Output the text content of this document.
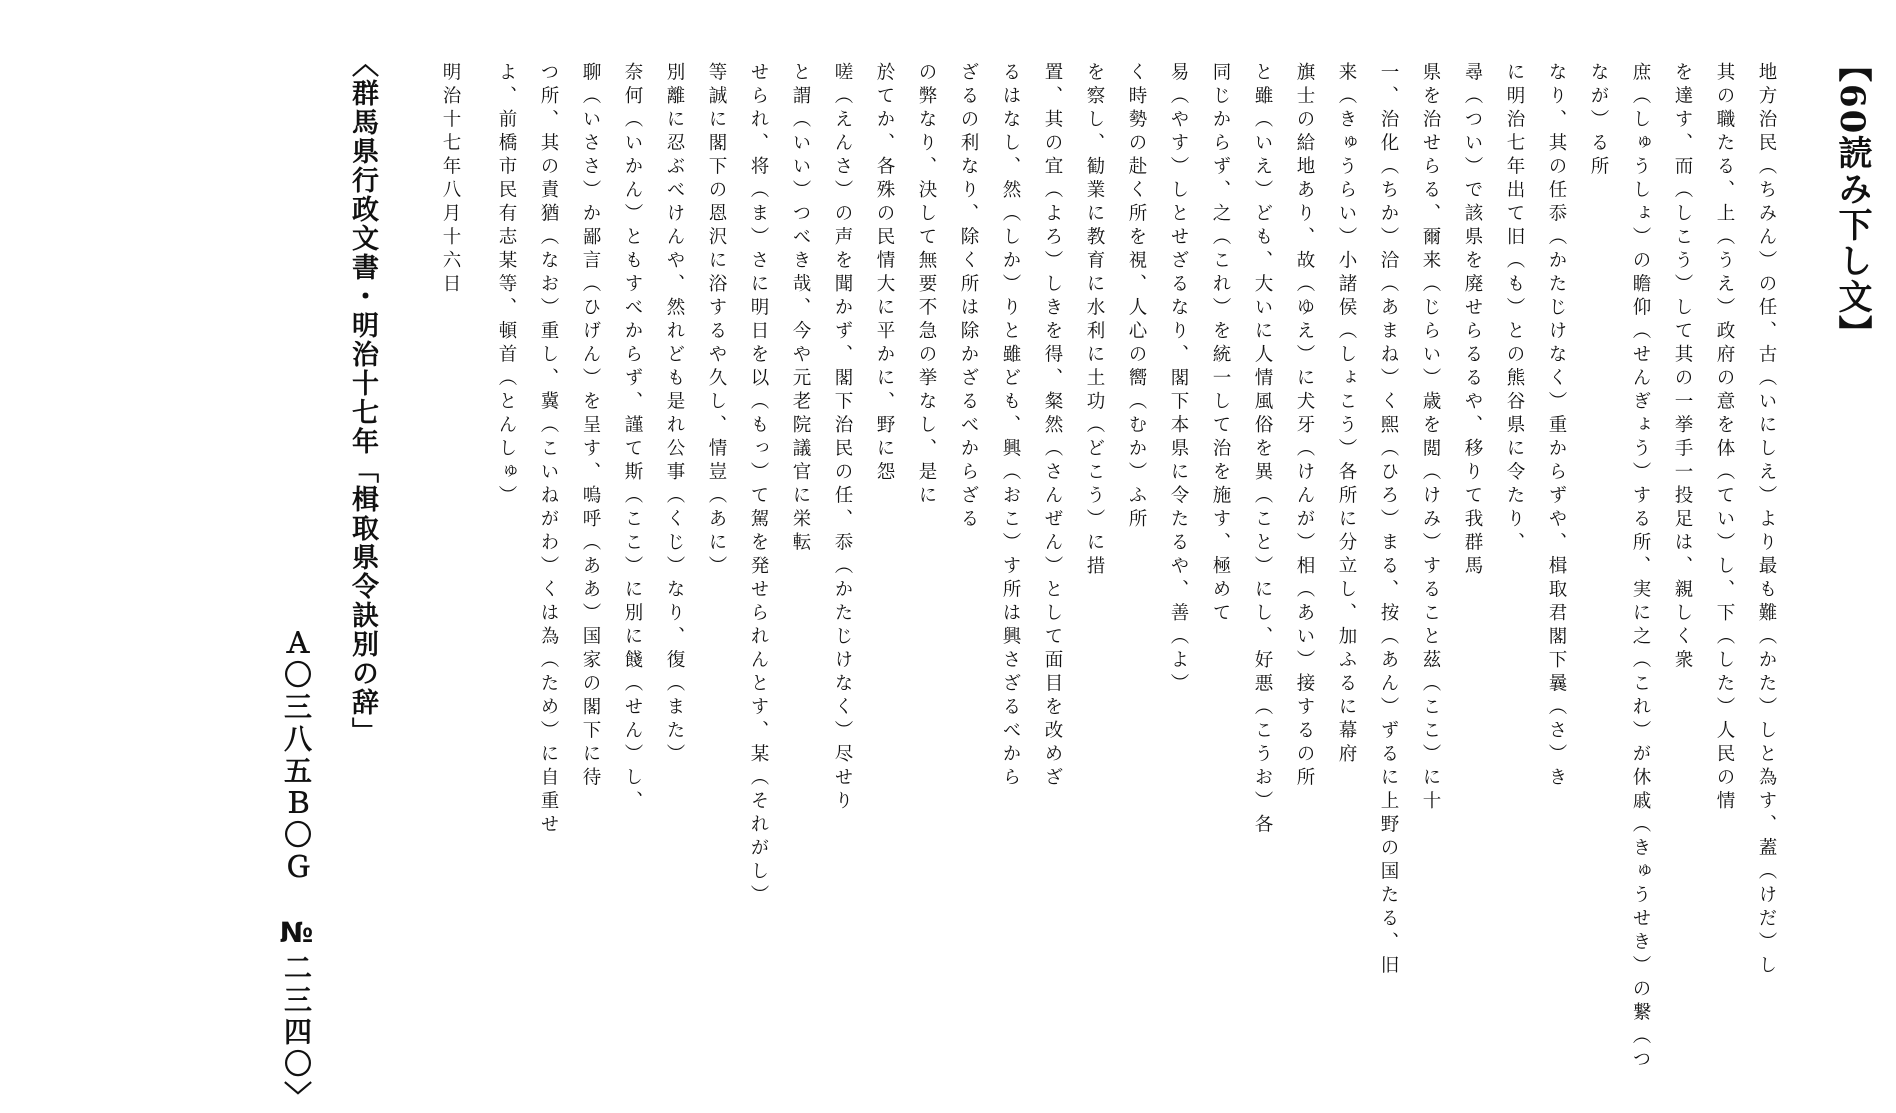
【60読み下し文】
地方治民（ちみん）の任、古（いにしえ）より最も難（かた）しと為す、蓋（けだ）し
其の職たる、上（うえ）政府の意を体（てい）し、下（した）人民の情
を達す、而（しこう）して其の一挙手一投足は、親しく衆
庶（しゅうしょ）の瞻仰（せんぎょう）する所、実に之（これ）が休戚（きゅうせき）の繋（つ
なが）る所
なり、其の任忝（かたじけなく）重からずや、楫取君閣下曩（さ）き
に明治七年出て旧（も）との熊谷県に令たり、
尋（つい）で該県を廃せらるるや、移りて我群馬
県を治せらる、爾来（じらい）歳を閲（けみ）すること茲（ここ）に十
一、治化（ちか）洽（あまね）く煕（ひろ）まる、按（あん）ずるに上野の国たる、旧
来（きゅうらい）小諸侯（しょこう）各所に分立し、加ふるに幕府
旗士の給地あり、故（ゆえ）に犬牙（けんが）相（あい）接するの所
と雖（いえ）ども、大いに人情風俗を異（こと）にし、好悪（こうお）各
同じからず、之（これ）を統一して治を施す、極めて
易（やす）しとせざるなり、閣下本県に令たるや、善（よ）
く時勢の赴く所を視、人心の嚮（むか）ふ所
を察し、勧業に教育に水利に土功（どこう）に措
置、其の宜（よろ）しきを得、粲然（さんぜん）として面目を改めざ
るはなし、然（しか）りと雖ども、興（おこ）す所は興さざるべから
ざるの利なり、除く所は除かざるべからざる
の弊なり、決して無要不急の挙なし、是に
於てか、各殊の民情大に平かに、野に怨
嗟（えんさ）の声を聞かず、閣下治民の任、忝（かたじけなく）尽せり
と謂（いい）つべき哉、今や元老院議官に栄転
せられ、将（ま）さに明日を以（もっ）て駕を発せられんとす、某（それがし）
等誠に閣下の恩沢に浴するや久し、情豈（あに）
別離に忍ぶべけんや、然れども是れ公事（くじ）なり、復（また）
奈何（いかん）ともすべからず、謹て斯（ここ）に別に餞（せん）し、
聊（いささ）か鄙言（ひげん）を呈す、嗚呼（ああ）国家の閣下に待
つ所、其の責猶（なお）重し、冀（こいねがわ）くは為（ため）に自重せ
よ、前橋市民有志某等、頓首（とんしゅ）
明治十七年八月十六日
〈群馬県行政文書・明治十七年「楫取県令訣別の辞」
Ａ〇三八五Ｂ〇Ｇ　№二三四〇〉
